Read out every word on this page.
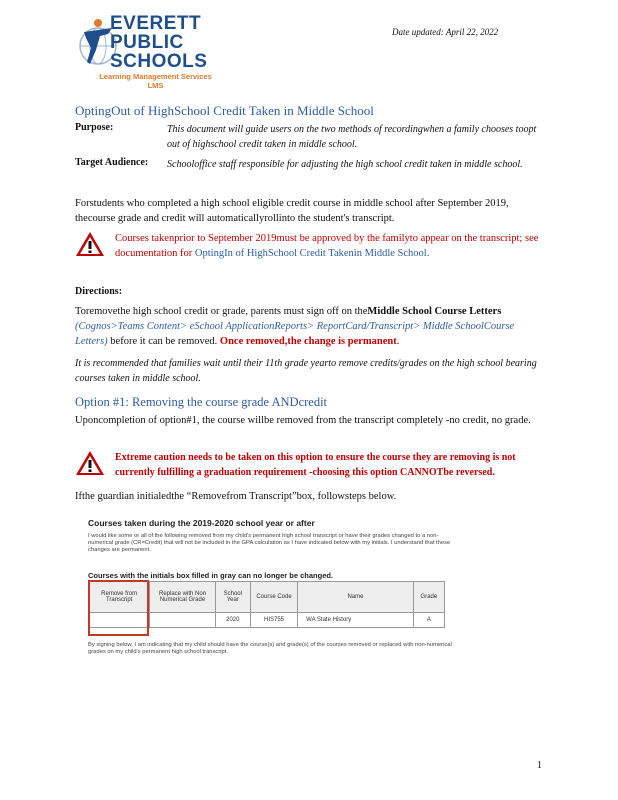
EVERETT
PUBLIC
SCHOOLS
Learning Management Services
LMS
Date updated: April 22, 2022
OptingOut of HighSchool Credit Taken in Middle School
Purpose:	This document will guide users on the two methods of recordingwhen a family chooses toopt out of highschool credit taken in middle school.
Target Audience: Schooloffice staff responsible for adjusting the high school credit taken in middle school.
Forstudents who completed a high school eligible credit course in middle school after September 2019, thecourse grade and credit will automaticallyrollinto the student's transcript.
Courses takenprior to September 2019must be approved by the familyto appear on the transcript; see documentation for OptingIn of HighSchool Credit Takenin Middle School.
Directions:
Toremovethe high school credit or grade, parents must sign off on theMiddle School Course Letters (Cognos>Teams Content> eSchool ApplicationReports> ReportCard/Transcript> Middle SchoolCourse Letters) before it can be removed. Once removed,the change is permanent.
It is recommended that families wait until their 11th grade yearto remove credits/grades on the high school bearing courses taken in middle school.
Option #1: Removing the course grade ANDcredit
Uponcompletion of option#1, the course willbe removed from the transcript completely -no credit, no grade.
Extreme caution needs to be taken on this option to ensure the course they are removing is not currently fulfilling a graduation requirement -choosing this option CANNOTbe reversed.
Ifthe guardian initialedthe “Removefrom Transcript”box, followsteps below.
Courses taken during the 2019-2020 school year or after
I would like some or all of the following removed from my child's permanent high school transcript or have their grades changed to a non-numerical grade (CR=Credit) that will not be included in the GPA calculation as I have indicated below with my initials. I understand that these changes are permanent.
Courses with the initials box filled in gray can no longer be changed.
Remove from Transcript	Replace with Non Numerical Grade	School Year	Course Code	Name	Grade
		2020	HIS755	WA State History	A
By signing below, I am indicating that my child should have the course(s) and grade(s) of the courses removed or replaced with non-numerical grades on my child's permanent high school transcript.
1
